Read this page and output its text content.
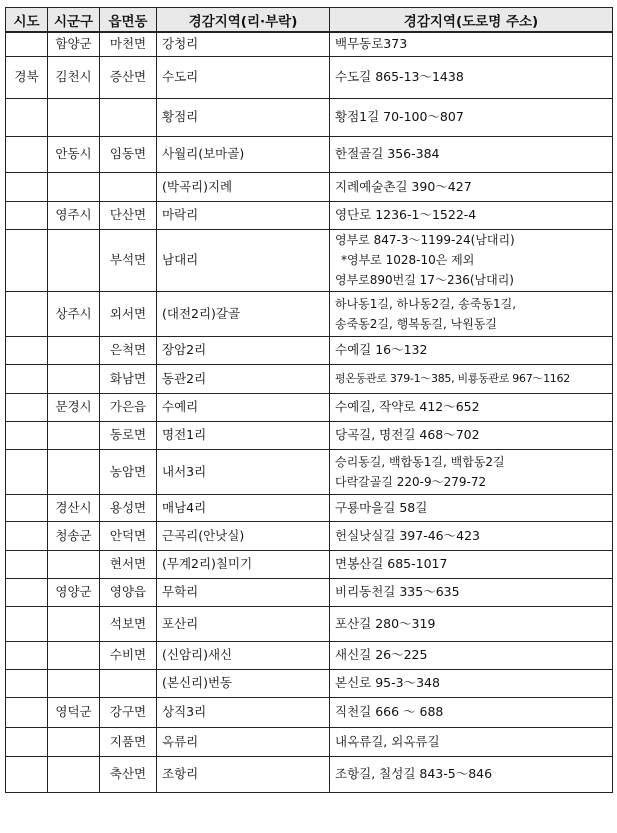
시도	시군구	읍면동	경감지역(리·부락)	경감지역(도로명 주소)
	함양군	마천면	강청리	백무동로373

경북	김천시	증산면	수도리	수도길 865-13～1438

			황점리	황점1길 70-100～807

	안동시	임동면	사월리(보마골)	한절골길 356-384

			(박곡리)지례	지례예술촌길 390～427

	영주시	단산면	마락리	영단로 1236-1～1522-4

		부석면	남대리	영부로 847-3～1199-24(남대리)
*영부로 1028-10은 제외
영부로890번길 17～236(남대리)

	상주시	외서면	(대전2리)갈골	하나동1길, 하나동2길, 송죽동1길,
송죽동2길, 행복동길, 낙원동길

		은척면	장암2리	수예길 16～132

		화남면	동관2리	평온동관로 379-1～385, 비룡동관로 967～1162

	문경시	가은읍	수예리	수예길, 작약로 412～652

		동로면	명전1리	당곡길, 명전길 468～702

		농암면	내서3리	승리동길, 백합동1길, 백합동2길
다락갈골길 220-9～279-72

	경산시	용성면	매남4리	구룡마을길 58길

	청송군	안덕면	근곡리(안낫실)	헌실낫실길 397-46～423

		현서면	(무계2리)칠미기	면봉산길 685-1017

	영양군	영양읍	무학리	비리동천길 335～635

		석보면	포산리	포산길 280～319

		수비면	(신암리)새신	새신길 26～225

			(본신리)번동	본신로 95-3～348

	영덕군	강구면	상직3리	직천길 666 ～ 688

		지품면	옥류리	내옥류길, 외옥류길

		축산면	조항리	조항길, 칠성길 843-5～846
